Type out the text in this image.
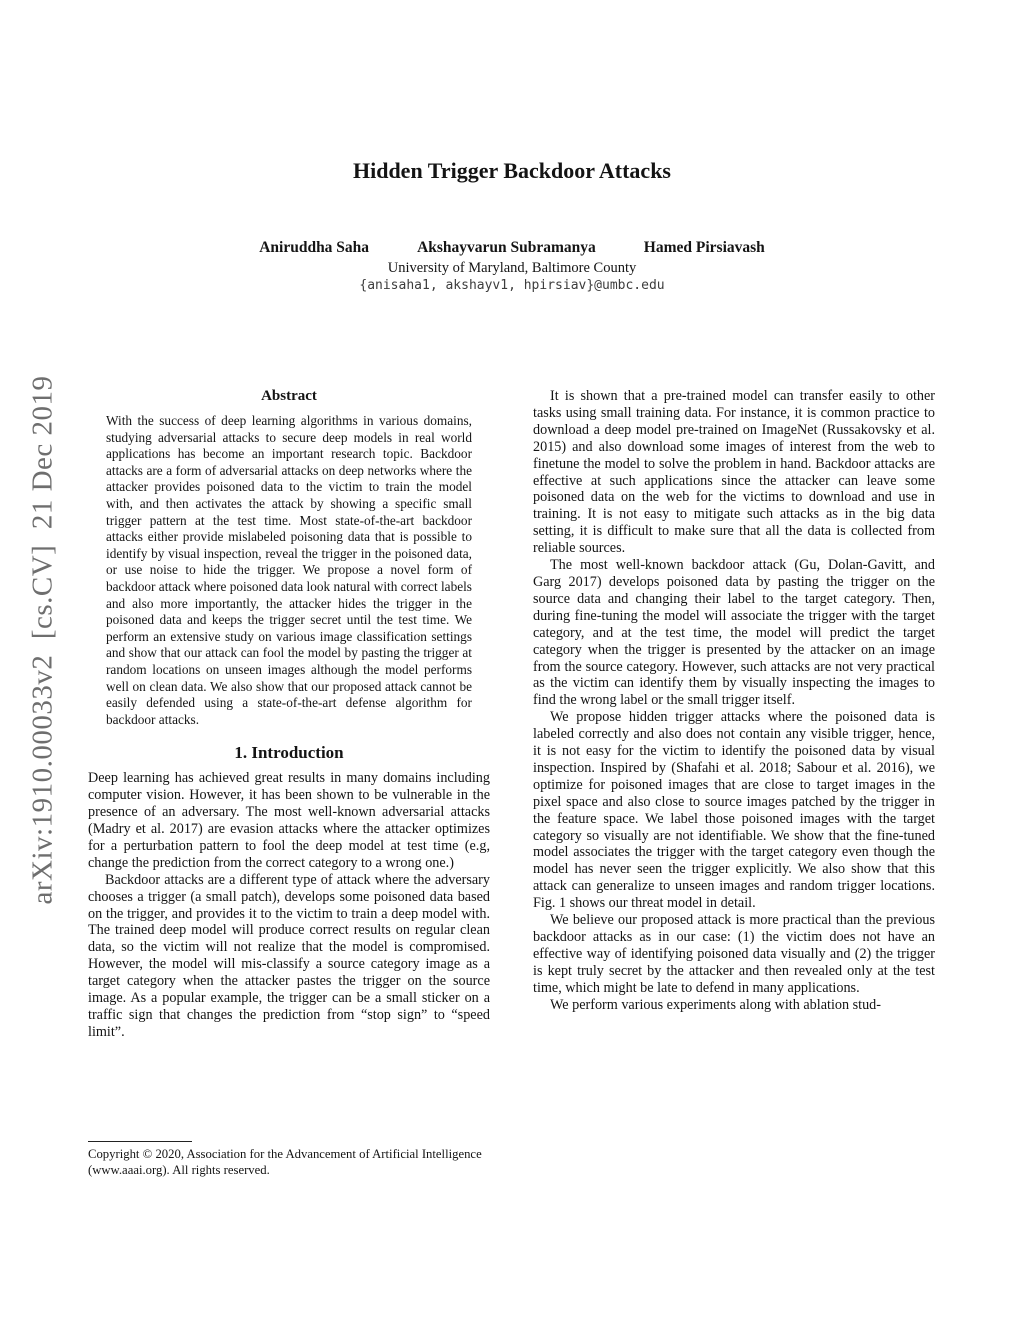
arXiv:1910.00033v2  [cs.CV]  21 Dec 2019
Hidden Trigger Backdoor Attacks
Aniruddha Saha	Akshayvarun Subramanya	Hamed Pirsiavash
University of Maryland, Baltimore County
{anisaha1, akshayv1, hpirsiav}@umbc.edu
Abstract
With the success of deep learning algorithms in various domains, studying adversarial attacks to secure deep models in real world applications has become an important research topic. Backdoor attacks are a form of adversarial attacks on deep networks where the attacker provides poisoned data to the victim to train the model with, and then activates the attack by showing a specific small trigger pattern at the test time. Most state-of-the-art backdoor attacks either provide mislabeled poisoning data that is possible to identify by visual inspection, reveal the trigger in the poisoned data, or use noise to hide the trigger. We propose a novel form of backdoor attack where poisoned data look natural with correct labels and also more importantly, the attacker hides the trigger in the poisoned data and keeps the trigger secret until the test time. We perform an extensive study on various image classification settings and show that our attack can fool the model by pasting the trigger at random locations on unseen images although the model performs well on clean data. We also show that our proposed attack cannot be easily defended using a state-of-the-art defense algorithm for backdoor attacks.
1. Introduction

Deep learning has achieved great results in many domains including computer vision. However, it has been shown to be vulnerable in the presence of an adversary. The most well-known adversarial attacks (Madry et al. 2017) are evasion attacks where the attacker optimizes for a perturbation pattern to fool the deep model at test time (e.g, change the prediction from the correct category to a wrong one.)

Backdoor attacks are a different type of attack where the adversary chooses a trigger (a small patch), develops some poisoned data based on the trigger, and provides it to the victim to train a deep model with. The trained deep model will produce correct results on regular clean data, so the victim will not realize that the model is compromised. However, the model will mis-classify a source category image as a target category when the attacker pastes the trigger on the source image. As a popular example, the trigger can be a small sticker on a traffic sign that changes the prediction from “stop sign” to “speed limit”.

Copyright © 2020, Association for the Advancement of Artificial Intelligence (www.aaai.org). All rights reserved.

It is shown that a pre-trained model can transfer easily to other tasks using small training data. For instance, it is common practice to download a deep model pre-trained on ImageNet (Russakovsky et al. 2015) and also download some images of interest from the web to finetune the model to solve the problem in hand. Backdoor attacks are effective at such applications since the attacker can leave some poisoned data on the web for the victims to download and use in training. It is not easy to mitigate such attacks as in the big data setting, it is difficult to make sure that all the data is collected from reliable sources.

The most well-known backdoor attack (Gu, Dolan-Gavitt, and Garg 2017) develops poisoned data by pasting the trigger on the source data and changing their label to the target category. Then, during fine-tuning the model will associate the trigger with the target category, and at the test time, the model will predict the target category when the trigger is presented by the attacker on an image from the source category. However, such attacks are not very practical as the victim can identify them by visually inspecting the images to find the wrong label or the small trigger itself.

We propose hidden trigger attacks where the poisoned data is labeled correctly and also does not contain any visible trigger, hence, it is not easy for the victim to identify the poisoned data by visual inspection. Inspired by (Shafahi et al. 2018; Sabour et al. 2016), we optimize for poisoned images that are close to target images in the pixel space and also close to source images patched by the trigger in the feature space. We label those poisoned images with the target category so visually are not identifiable. We show that the fine-tuned model associates the trigger with the target category even though the model has never seen the trigger explicitly. We also show that this attack can generalize to unseen images and random trigger locations. Fig. 1 shows our threat model in detail.

We believe our proposed attack is more practical than the previous backdoor attacks as in our case: (1) the victim does not have an effective way of identifying poisoned data visually and (2) the trigger is kept truly secret by the attacker and then revealed only at the test time, which might be late to defend in many applications.

We perform various experiments along with ablation stud-
